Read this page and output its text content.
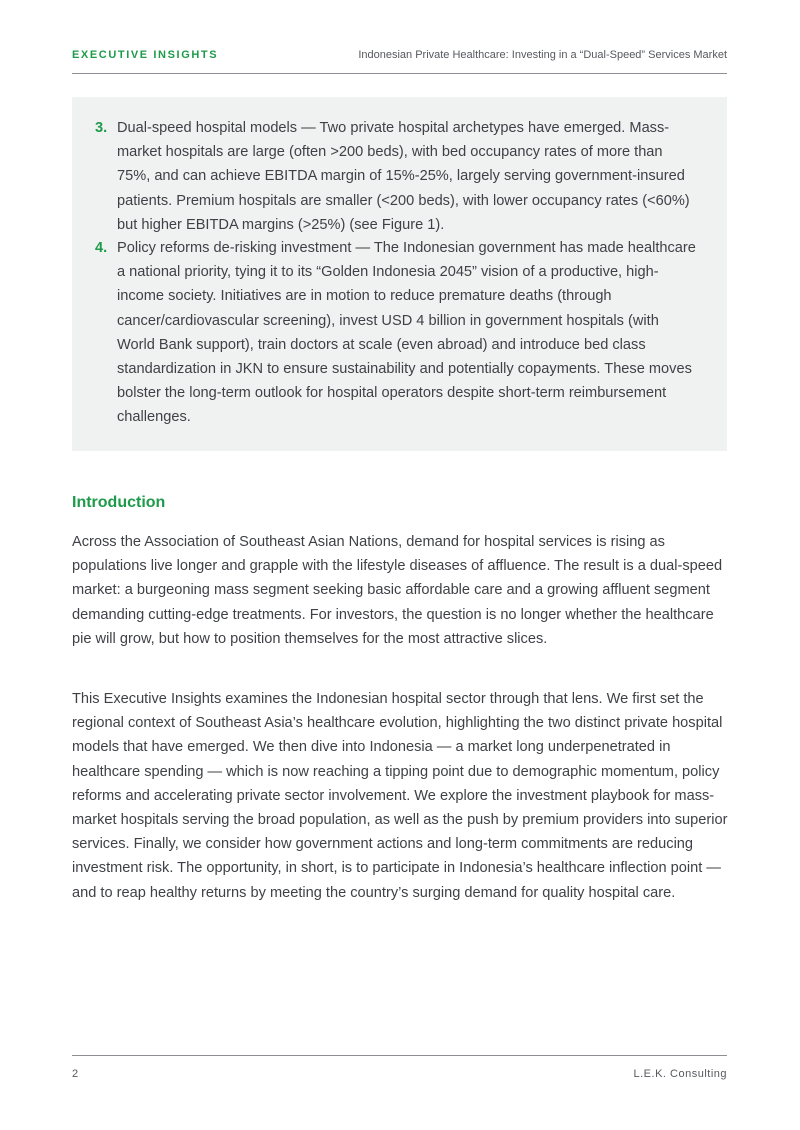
EXECUTIVE INSIGHTS	Indonesian Private Healthcare: Investing in a “Dual-Speed” Services Market
3. Dual-speed hospital models — Two private hospital archetypes have emerged. Mass-market hospitals are large (often >200 beds), with bed occupancy rates of more than 75%, and can achieve EBITDA margin of 15%-25%, largely serving government-insured patients. Premium hospitals are smaller (<200 beds), with lower occupancy rates (<60%) but higher EBITDA margins (>25%) (see Figure 1).
4. Policy reforms de-risking investment — The Indonesian government has made healthcare a national priority, tying it to its “Golden Indonesia 2045” vision of a productive, high-income society. Initiatives are in motion to reduce premature deaths (through cancer/cardiovascular screening), invest USD 4 billion in government hospitals (with World Bank support), train doctors at scale (even abroad) and introduce bed class standardization in JKN to ensure sustainability and potentially copayments. These moves bolster the long-term outlook for hospital operators despite short-term reimbursement challenges.
Introduction

Across the Association of Southeast Asian Nations, demand for hospital services is rising as populations live longer and grapple with the lifestyle diseases of affluence. The result is a dual-speed market: a burgeoning mass segment seeking basic affordable care and a growing affluent segment demanding cutting-edge treatments. For investors, the question is no longer whether the healthcare pie will grow, but how to position themselves for the most attractive slices.

This Executive Insights examines the Indonesian hospital sector through that lens. We first set the regional context of Southeast Asia’s healthcare evolution, highlighting the two distinct private hospital models that have emerged. We then dive into Indonesia — a market long underpenetrated in healthcare spending — which is now reaching a tipping point due to demographic momentum, policy reforms and accelerating private sector involvement. We explore the investment playbook for mass-market hospitals serving the broad population, as well as the push by premium providers into superior services. Finally, we consider how government actions and long-term commitments are reducing investment risk. The opportunity, in short, is to participate in Indonesia’s healthcare inflection point — and to reap healthy returns by meeting the country’s surging demand for quality hospital care.

2	L.E.K. Consulting
